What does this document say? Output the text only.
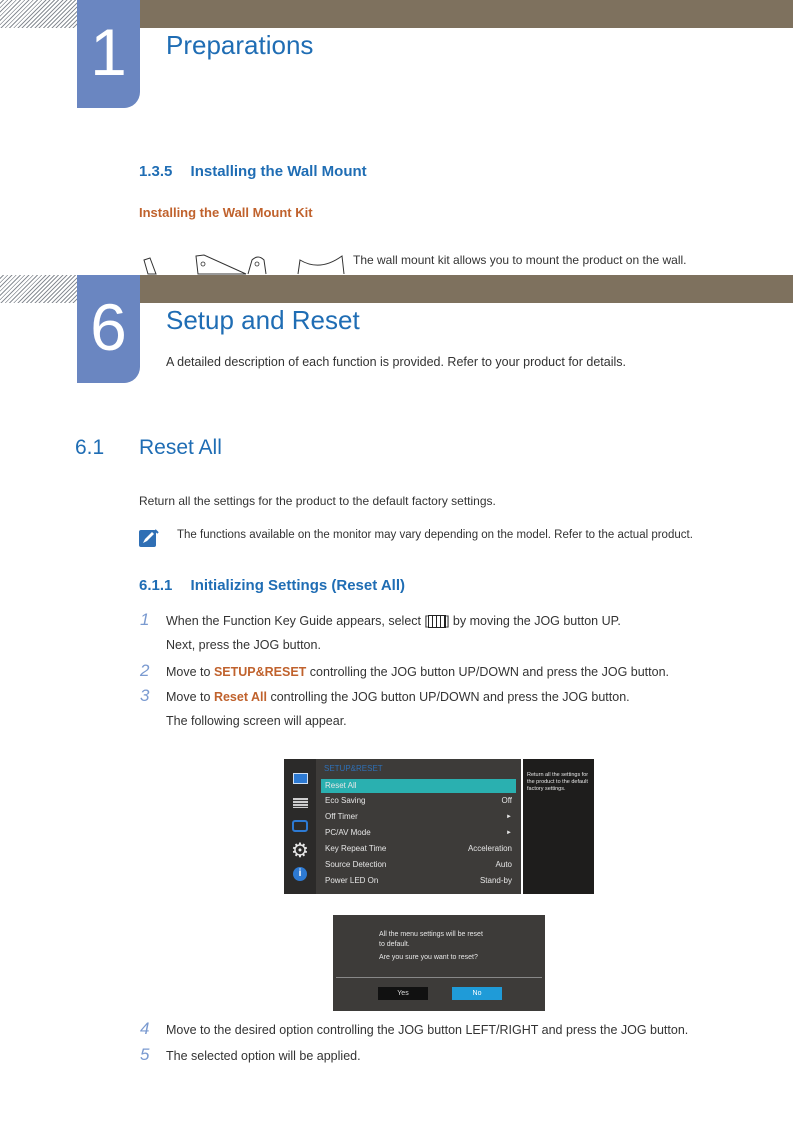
1	Preparations
1.3.5 Installing the Wall Mount
Installing the Wall Mount Kit
The wall mount kit allows you to mount the product on the wall.
6	Setup and Reset
A detailed description of each function is provided. Refer to your product for details.
6.1 Reset All
Return all the settings for the product to the default factory settings.
The functions available on the monitor may vary depending on the model. Refer to the actual product.
6.1.1 Initializing Settings (Reset All)
1 When the Function Key Guide appears, select [ ] by moving the JOG button UP.
Next, press the JOG button.
2 Move to SETUP&RESET controlling the JOG button UP/DOWN and press the JOG button.
3 Move to Reset All controlling the JOG button UP/DOWN and press the JOG button.
The following screen will appear.
⚙
i
SETUP&RESET
Reset All
Eco Saving	Off
Off Timer	►
PC/AV Mode	►
Key Repeat Time	Acceleration
Source Detection	Auto
Power LED On	Stand-by
Return all the settings for the product to the default factory settings.
All the menu settings will be reset
to default.
Are you sure you want to reset?
Yes	No
4 Move to the desired option controlling the JOG button LEFT/RIGHT and press the JOG button.
5 The selected option will be applied.
